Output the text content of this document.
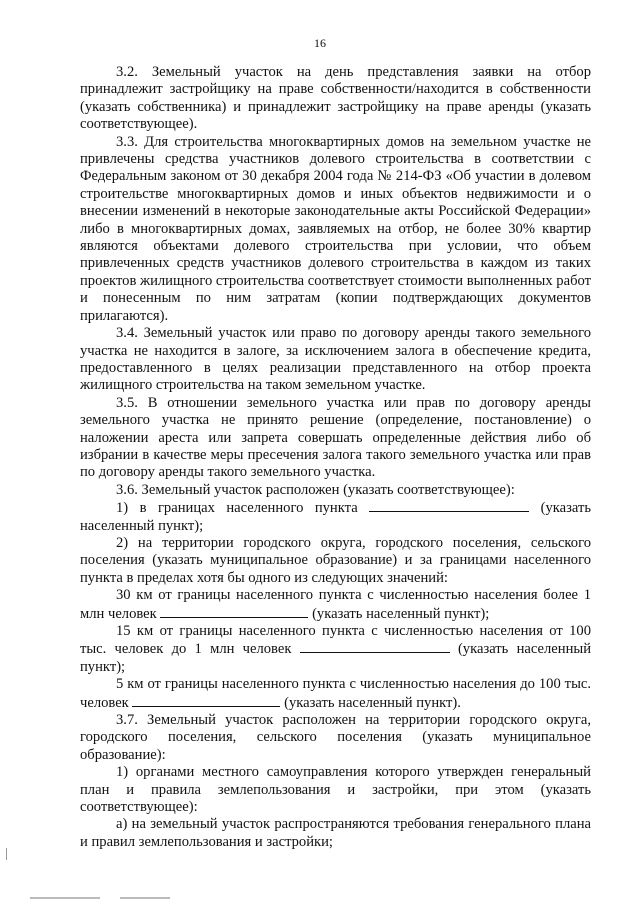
16

3.2. Земельный участок на день представления заявки на отбор принадлежит застройщику на праве собственности/находится в собственности (указать собственника) и принадлежит застройщику на праве аренды (указать соответствующее).

3.3. Для строительства многоквартирных домов на земельном участке не привлечены средства участников долевого строительства в соответствии с Федеральным законом от 30 декабря 2004 года № 214-ФЗ «Об участии в долевом строительстве многоквартирных домов и иных объектов недвижимости и о внесении изменений в некоторые законодательные акты Российской Федерации» либо в многоквартирных домах, заявляемых на отбор, не более 30% квартир являются объектами долевого строительства при условии, что объем привлеченных средств участников долевого строительства в каждом из таких проектов жилищного строительства соответствует стоимости выполненных работ и понесенным по ним затратам (копии подтверждающих документов прилагаются).

3.4. Земельный участок или право по договору аренды такого земельного участка не находится в залоге, за исключением залога в обеспечение кредита, предоставленного в целях реализации представленного на отбор проекта жилищного строительства на таком земельном участке.

3.5. В отношении земельного участка или прав по договору аренды земельного участка не принято решение (определение, постановление) о наложении ареста или запрета совершать определенные действия либо об избрании в качестве меры пресечения залога такого земельного участка или прав по договору аренды такого земельного участка.

3.6. Земельный участок расположен (указать соответствующее):

1) в границах населенного пункта	(указать населенный пункт);

2) на территории городского округа, городского поселения, сельского поселения (указать муниципальное образование) и за границами населенного пункта в пределах хотя бы одного из следующих значений:

30 км от границы населенного пункта с численностью населения более 1 млн человек	(указать населенный пункт);

15 км от границы населенного пункта с численностью населения от 100 тыс. человек до 1 млн человек	(указать населенный пункт);

5 км от границы населенного пункта с численностью населения до 100 тыс. человек	(указать населенный пункт).

3.7. Земельный участок расположен на территории городского округа, городского поселения, сельского поселения (указать муниципальное образование):

1) органами местного самоуправления которого утвержден генеральный план и правила землепользования и застройки, при этом (указать соответствующее):

а) на земельный участок распространяются требования генерального плана и правил землепользования и застройки;
